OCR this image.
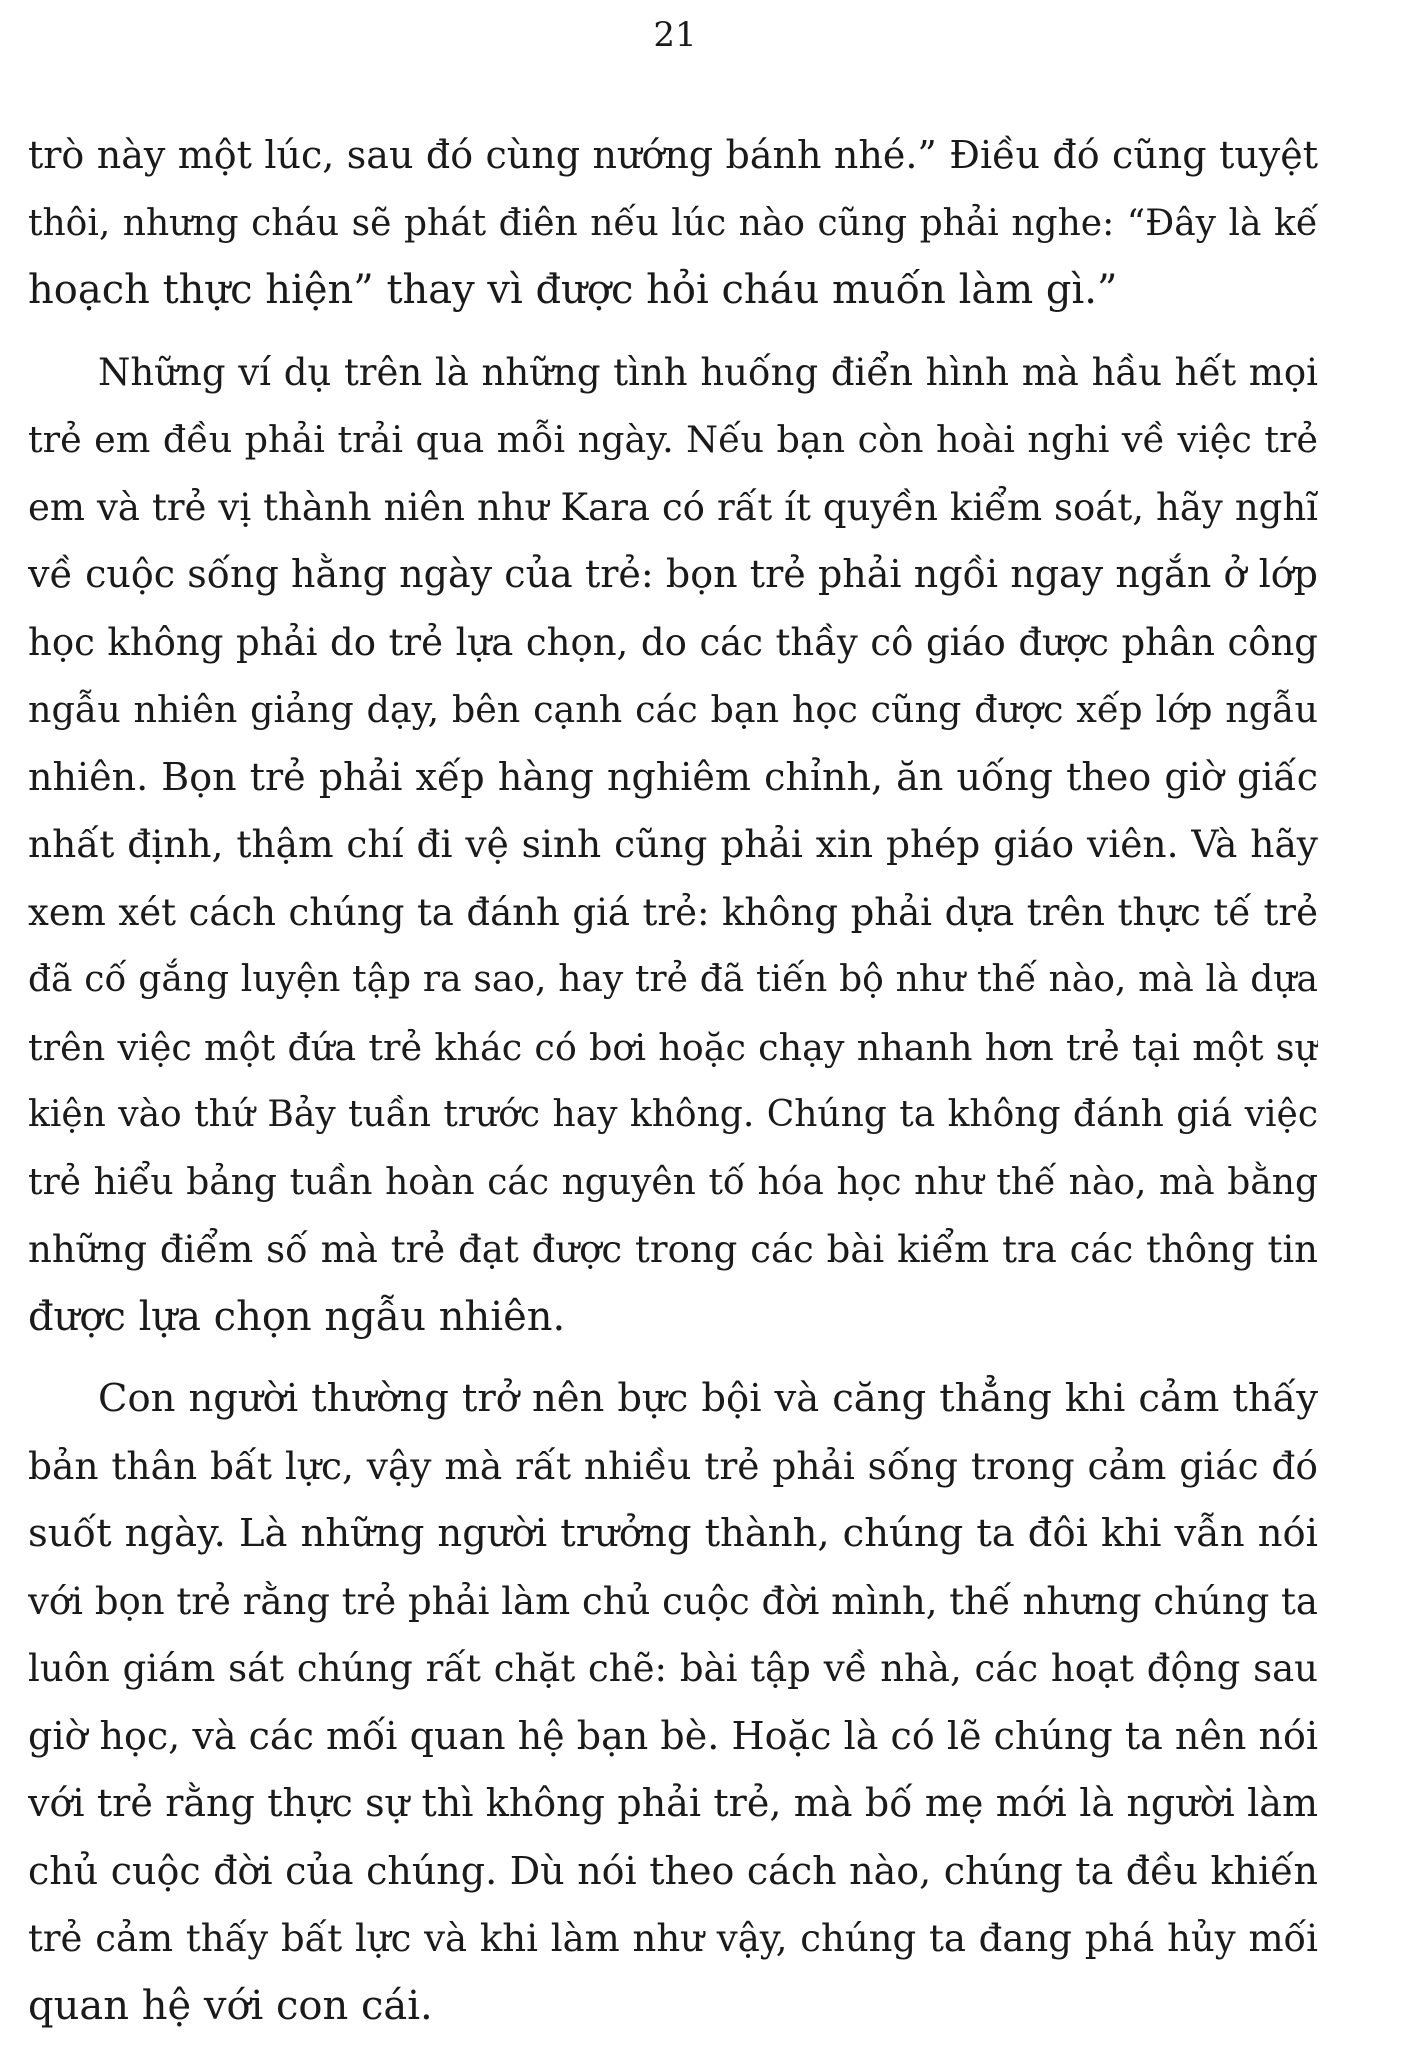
21
trò này một lúc, sau đó cùng nướng bánh nhé.” Điều đó cũng tuyệt
thôi, nhưng cháu sẽ phát điên nếu lúc nào cũng phải nghe: “Đây là kế
hoạch thực hiện” thay vì được hỏi cháu muốn làm gì.”
Những ví dụ trên là những tình huống điển hình mà hầu hết mọi
trẻ em đều phải trải qua mỗi ngày. Nếu bạn còn hoài nghi về việc trẻ
em và trẻ vị thành niên như Kara có rất ít quyền kiểm soát, hãy nghĩ
về cuộc sống hằng ngày của trẻ: bọn trẻ phải ngồi ngay ngắn ở lớp
học không phải do trẻ lựa chọn, do các thầy cô giáo được phân công
ngẫu nhiên giảng dạy, bên cạnh các bạn học cũng được xếp lớp ngẫu
nhiên. Bọn trẻ phải xếp hàng nghiêm chỉnh, ăn uống theo giờ giấc
nhất định, thậm chí đi vệ sinh cũng phải xin phép giáo viên. Và hãy
xem xét cách chúng ta đánh giá trẻ: không phải dựa trên thực tế trẻ
đã cố gắng luyện tập ra sao, hay trẻ đã tiến bộ như thế nào, mà là dựa
trên việc một đứa trẻ khác có bơi hoặc chạy nhanh hơn trẻ tại một sự
kiện vào thứ Bảy tuần trước hay không. Chúng ta không đánh giá việc
trẻ hiểu bảng tuần hoàn các nguyên tố hóa học như thế nào, mà bằng
những điểm số mà trẻ đạt được trong các bài kiểm tra các thông tin
được lựa chọn ngẫu nhiên.
Con người thường trở nên bực bội và căng thẳng khi cảm thấy
bản thân bất lực, vậy mà rất nhiều trẻ phải sống trong cảm giác đó
suốt ngày. Là những người trưởng thành, chúng ta đôi khi vẫn nói
với bọn trẻ rằng trẻ phải làm chủ cuộc đời mình, thế nhưng chúng ta
luôn giám sát chúng rất chặt chẽ: bài tập về nhà, các hoạt động sau
giờ học, và các mối quan hệ bạn bè. Hoặc là có lẽ chúng ta nên nói
với trẻ rằng thực sự thì không phải trẻ, mà bố mẹ mới là người làm
chủ cuộc đời của chúng. Dù nói theo cách nào, chúng ta đều khiến
trẻ cảm thấy bất lực và khi làm như vậy, chúng ta đang phá hủy mối
quan hệ với con cái.
